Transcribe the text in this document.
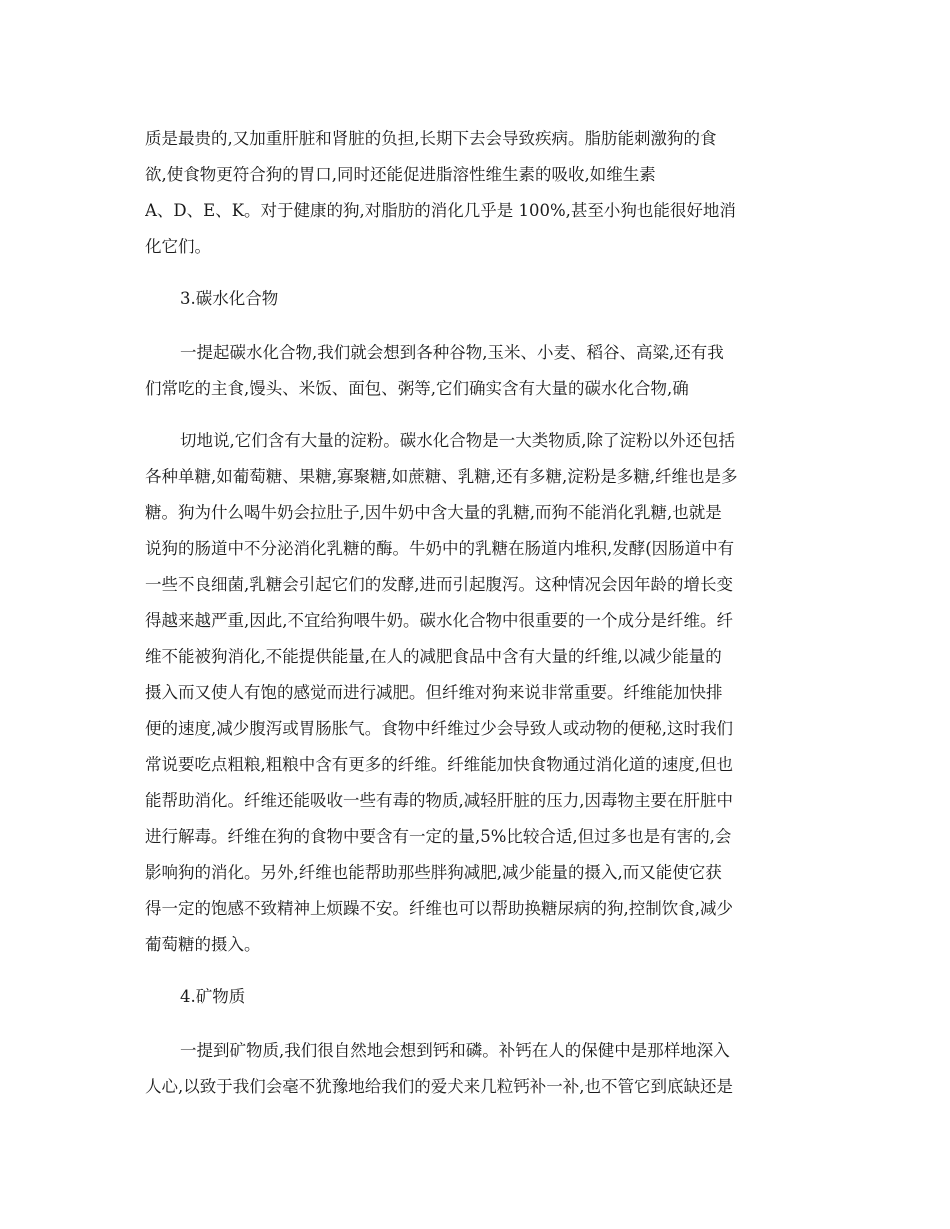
质是最贵的,又加重肝脏和肾脏的负担,长期下去会导致疾病。脂肪能刺激狗的食
欲,使食物更符合狗的胃口,同时还能促进脂溶性维生素的吸收,如维生素
A、D、E、K。对于健康的狗,对脂肪的消化几乎是 100%,甚至小狗也能很好地消
化它们。
3.碳水化合物
一提起碳水化合物,我们就会想到各种谷物,玉米、小麦、稻谷、高粱,还有我
们常吃的主食,馒头、米饭、面包、粥等,它们确实含有大量的碳水化合物,确
切地说,它们含有大量的淀粉。碳水化合物是一大类物质,除了淀粉以外还包括
各种单糖,如葡萄糖、果糖,寡聚糖,如蔗糖、乳糖,还有多糖,淀粉是多糖,纤维也是多
糖。狗为什么喝牛奶会拉肚子,因牛奶中含大量的乳糖,而狗不能消化乳糖,也就是
说狗的肠道中不分泌消化乳糖的酶。牛奶中的乳糖在肠道内堆积,发酵(因肠道中有
一些不良细菌,乳糖会引起它们的发酵,进而引起腹泻。这种情况会因年龄的增长变
得越来越严重,因此,不宜给狗喂牛奶。碳水化合物中很重要的一个成分是纤维。纤
维不能被狗消化,不能提供能量,在人的减肥食品中含有大量的纤维,以减少能量的
摄入而又使人有饱的感觉而进行减肥。但纤维对狗来说非常重要。纤维能加快排
便的速度,减少腹泻或胃肠胀气。食物中纤维过少会导致人或动物的便秘,这时我们
常说要吃点粗粮,粗粮中含有更多的纤维。纤维能加快食物通过消化道的速度,但也
能帮助消化。纤维还能吸收一些有毒的物质,减轻肝脏的压力,因毒物主要在肝脏中
进行解毒。纤维在狗的食物中要含有一定的量,5%比较合适,但过多也是有害的,会
影响狗的消化。另外,纤维也能帮助那些胖狗减肥,减少能量的摄入,而又能使它获
得一定的饱感不致精神上烦躁不安。纤维也可以帮助换糖尿病的狗,控制饮食,减少
葡萄糖的摄入。
4.矿物质
一提到矿物质,我们很自然地会想到钙和磷。补钙在人的保健中是那样地深入
人心,以致于我们会毫不犹豫地给我们的爱犬来几粒钙补一补,也不管它到底缺还是
